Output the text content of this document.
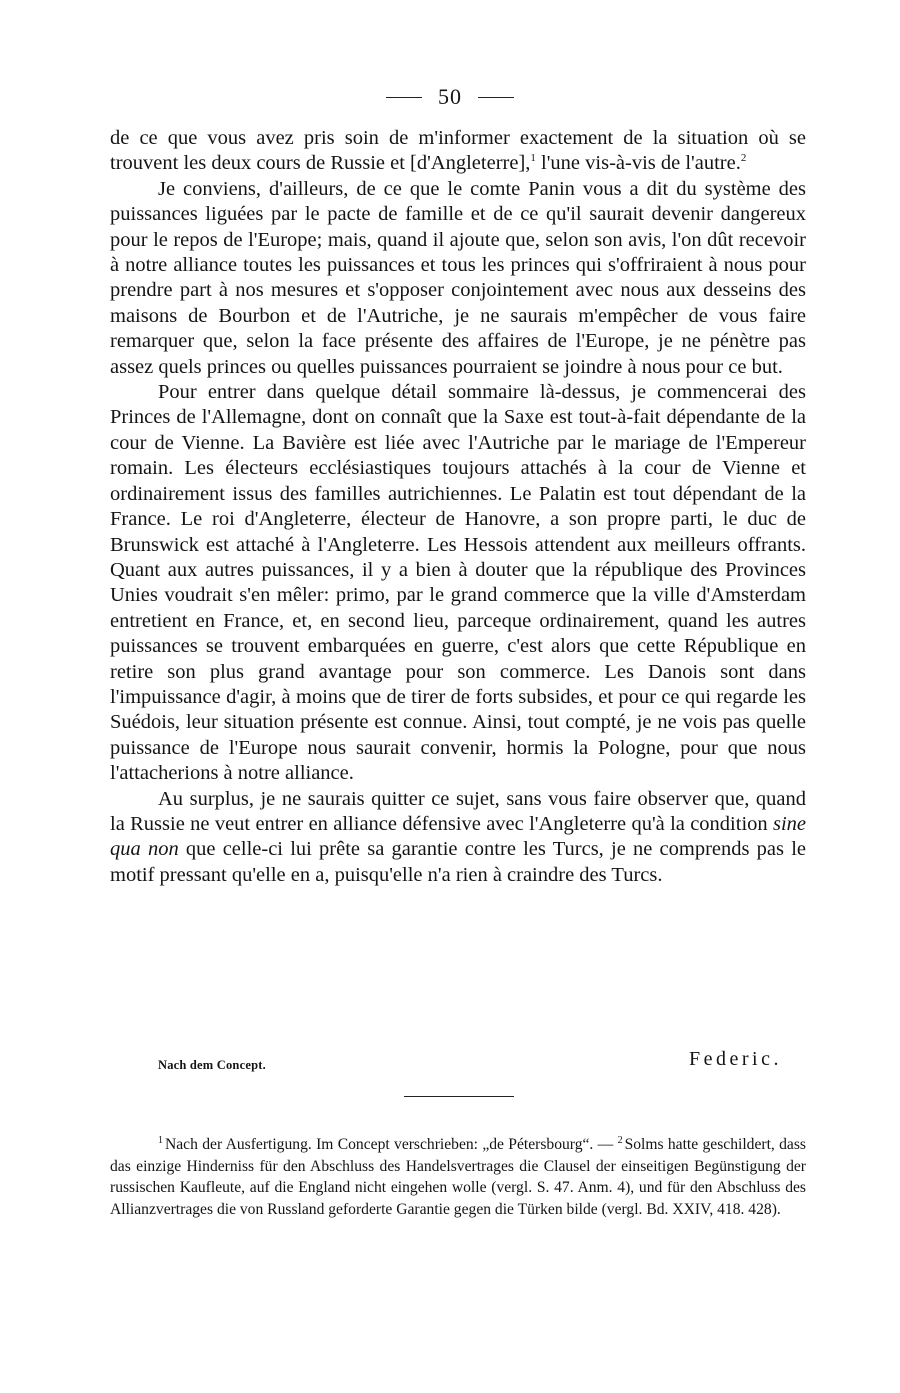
50

de ce que vous avez pris soin de m'informer exactement de la situation où se trouvent les deux cours de Russie et [d'Angleterre],$^1$ l'une vis-à-vis de l'autre.$^2$

Je conviens, d'ailleurs, de ce que le comte Panin vous a dit du système des puissances liguées par le pacte de famille et de ce qu'il saurait devenir dangereux pour le repos de l'Europe; mais, quand il ajoute que, selon son avis, l'on dût recevoir à notre alliance toutes les puissances et tous les princes qui s'offriraient à nous pour prendre part à nos mesures et s'opposer conjointement avec nous aux desseins des maisons de Bourbon et de l'Autriche, je ne saurais m'empêcher de vous faire remarquer que, selon la face présente des affaires de l'Europe, je ne pénètre pas assez quels princes ou quelles puissances pourraient se joindre à nous pour ce but.

Pour entrer dans quelque détail sommaire là-dessus, je commencerai des Princes de l'Allemagne, dont on connaît que la Saxe est tout-à-fait dépendante de la cour de Vienne. La Bavière est liée avec l'Autriche par le mariage de l'Empereur romain. Les électeurs ecclésiastiques toujours attachés à la cour de Vienne et ordinairement issus des familles autrichiennes. Le Palatin est tout dépendant de la France. Le roi d'Angleterre, électeur de Hanovre, a son propre parti, le duc de Brunswick est attaché à l'Angleterre. Les Hessois attendent aux meilleurs offrants. Quant aux autres puissances, il y a bien à douter que la république des Provinces Unies voudrait s'en mêler: primo, par le grand commerce que la ville d'Amsterdam entretient en France, et, en second lieu, parceque ordinairement, quand les autres puissances se trouvent embarquées en guerre, c'est alors que cette République en retire son plus grand avantage pour son commerce. Les Danois sont dans l'impuissance d'agir, à moins que de tirer de forts subsides, et pour ce qui regarde les Suédois, leur situation présente est connue. Ainsi, tout compté, je ne vois pas quelle puissance de l'Europe nous saurait convenir, hormis la Pologne, pour que nous l'attacherions à notre alliance.

Au surplus, je ne saurais quitter ce sujet, sans vous faire observer que, quand la Russie ne veut entrer en alliance défensive avec l'Angleterre qu'à la condition sine qua non que celle-ci lui prête sa garantie contre les Turcs, je ne comprends pas le motif pressant qu'elle en a, puisqu'elle n'a rien à craindre des Turcs.

Nach dem Concept.	Federic.

$^1$ Nach der Ausfertigung. Im Concept verschrieben: „de Pétersbourg“. — $^2$ Solms hatte geschildert, dass das einzige Hinderniss für den Abschluss des Handelsvertrages die Clausel der einseitigen Begünstigung der russischen Kaufleute, auf die England nicht eingehen wolle (vergl. S. 47. Anm. 4), und für den Abschluss des Allianzvertrages die von Russland geforderte Garantie gegen die Türken bilde (vergl. Bd. XXIV, 418. 428).
